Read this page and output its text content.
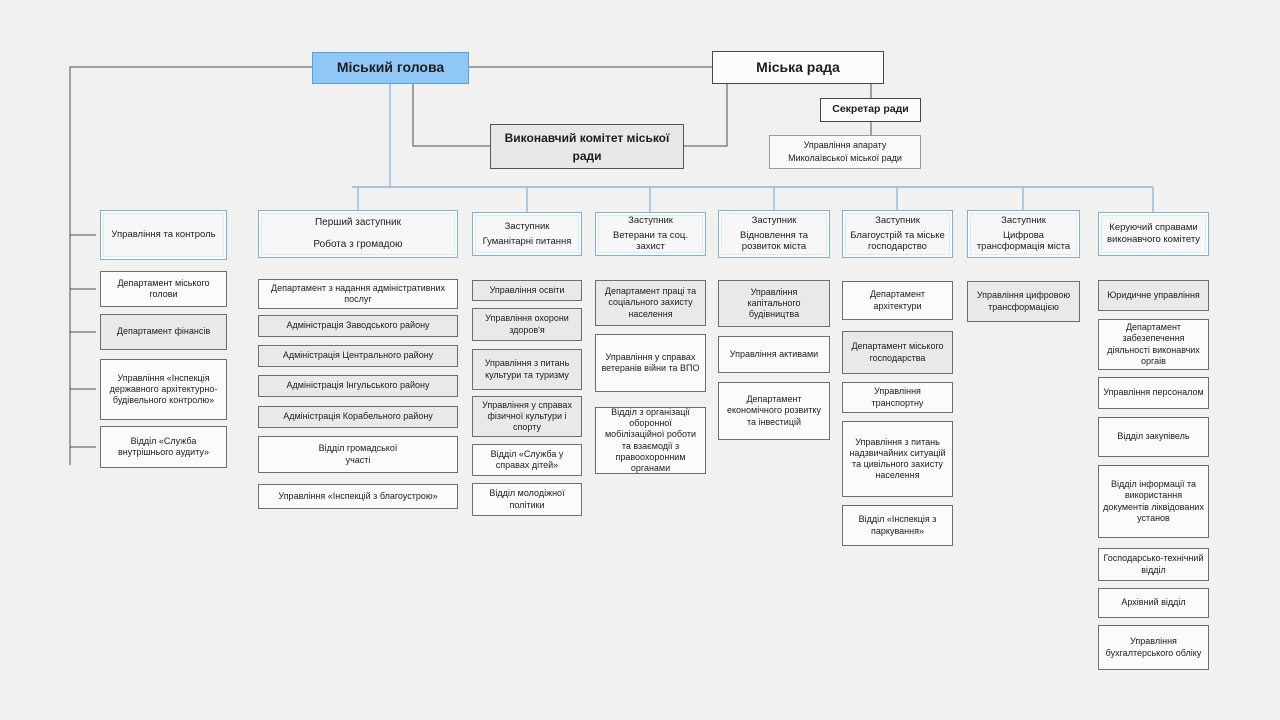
Міський голова	Міська рада
Виконавчий комітет міської ради
Секретар ради
Управління апарату Миколаївської міської ради
Управління та контроль
Департамент міського голови
Департамент фінансів
Управління «Інспекція державного архітектурно-будівельного контролю»
Відділ «Служба внутрішнього аудиту»
Перший заступник
Робота з громадою
Департамент з надання адміністративних послуг
Адміністрація Заводського району
Адміністрація Центрального району
Адміністрація Інгульського району
Адміністрація Корабельного району
Відділ громадської участі
Управління «Інспекцій з благоустрою»
Заступник
Гуманітарні питання
Управління освіти
Управління охорони здоров'я
Управління з питань культури та туризму
Управління у справах фізичної культури і спорту
Відділ «Служба у справах дітей»
Відділ молодіжної політики
Заступник
Ветерани та соц. захист
Департамент праці та соціального захисту населення
Управління у справах ветеранів війни та ВПО
Відділ з організації оборонної мобілізаційної роботи та взаємодії з правоохоронним органами
Заступник
Відновлення та розвиток міста
Управління капітального будівництва
Управління активами
Департамент економічного розвитку та інвестицій
Заступник
Благоустрій та міське господарство
Департамент архітектури
Департамент міського господарства
Управління транспортну
Управління з питань надзвичайних ситуацій та цивільного захисту населення
Відділ «Інспекція з паркування»
Заступник
Цифрова трансформація міста
Управління цифровою трансформацією
Керуючий справами виконавчого комітету
Юридичне управління
Департамент забезепечення діяльності виконавчих оргаів
Управління персоналом
Відділ закупівель
Відділ інформації та використання документів ліквідованих установ
Господарсько-технічний відділ
Архівний відділ
Управління бухгалтерського обліку
